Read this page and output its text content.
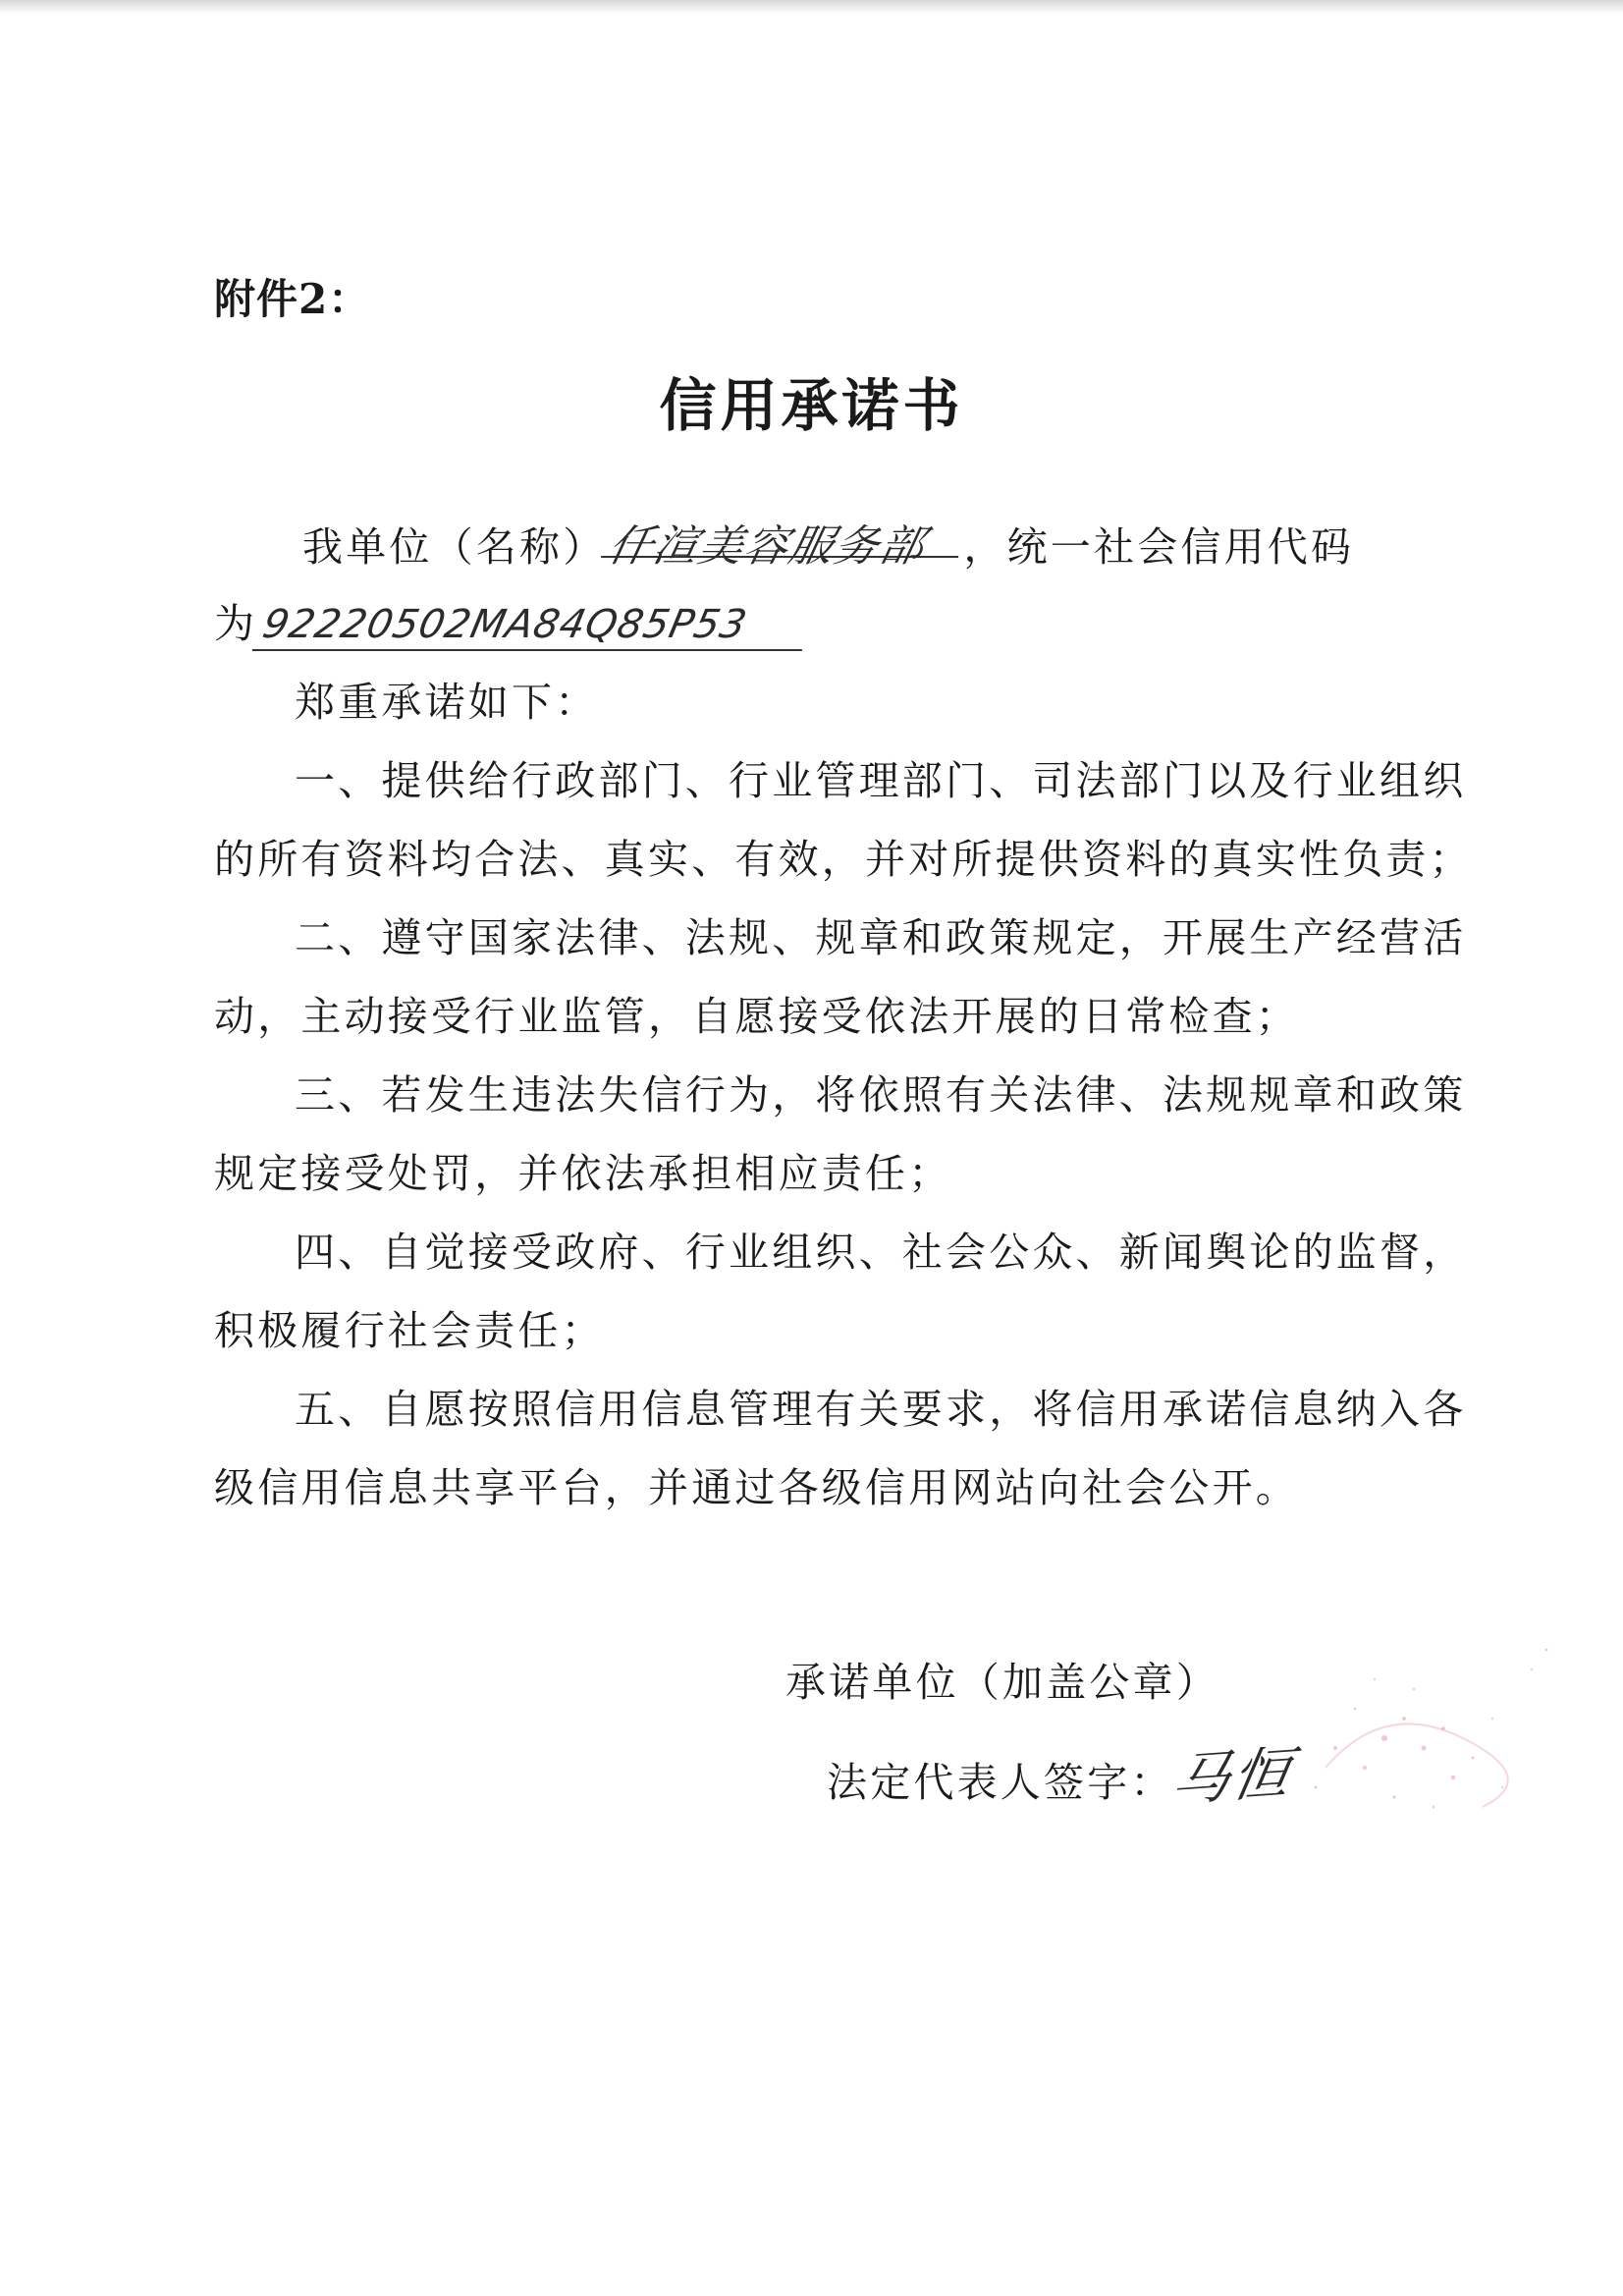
附件2：
信用承诺书
我单位（名称）仟渲美容服务部 ，统一社会信用代码
为92220502MA84Q85P53
郑重承诺如下：
一、提供给行政部门、行业管理部门、司法部门以及行业组织
的所有资料均合法、真实、有效，并对所提供资料的真实性负责；
二、遵守国家法律、法规、规章和政策规定，开展生产经营活
动，主动接受行业监管，自愿接受依法开展的日常检查；
三、若发生违法失信行为，将依照有关法律、法规规章和政策
规定接受处罚，并依法承担相应责任；
四、自觉接受政府、行业组织、社会公众、新闻舆论的监督，
积极履行社会责任；
五、自愿按照信用信息管理有关要求，将信用承诺信息纳入各
级信用信息共享平台，并通过各级信用网站向社会公开。
承诺单位（加盖公章）
法定代表人签字：马恒
